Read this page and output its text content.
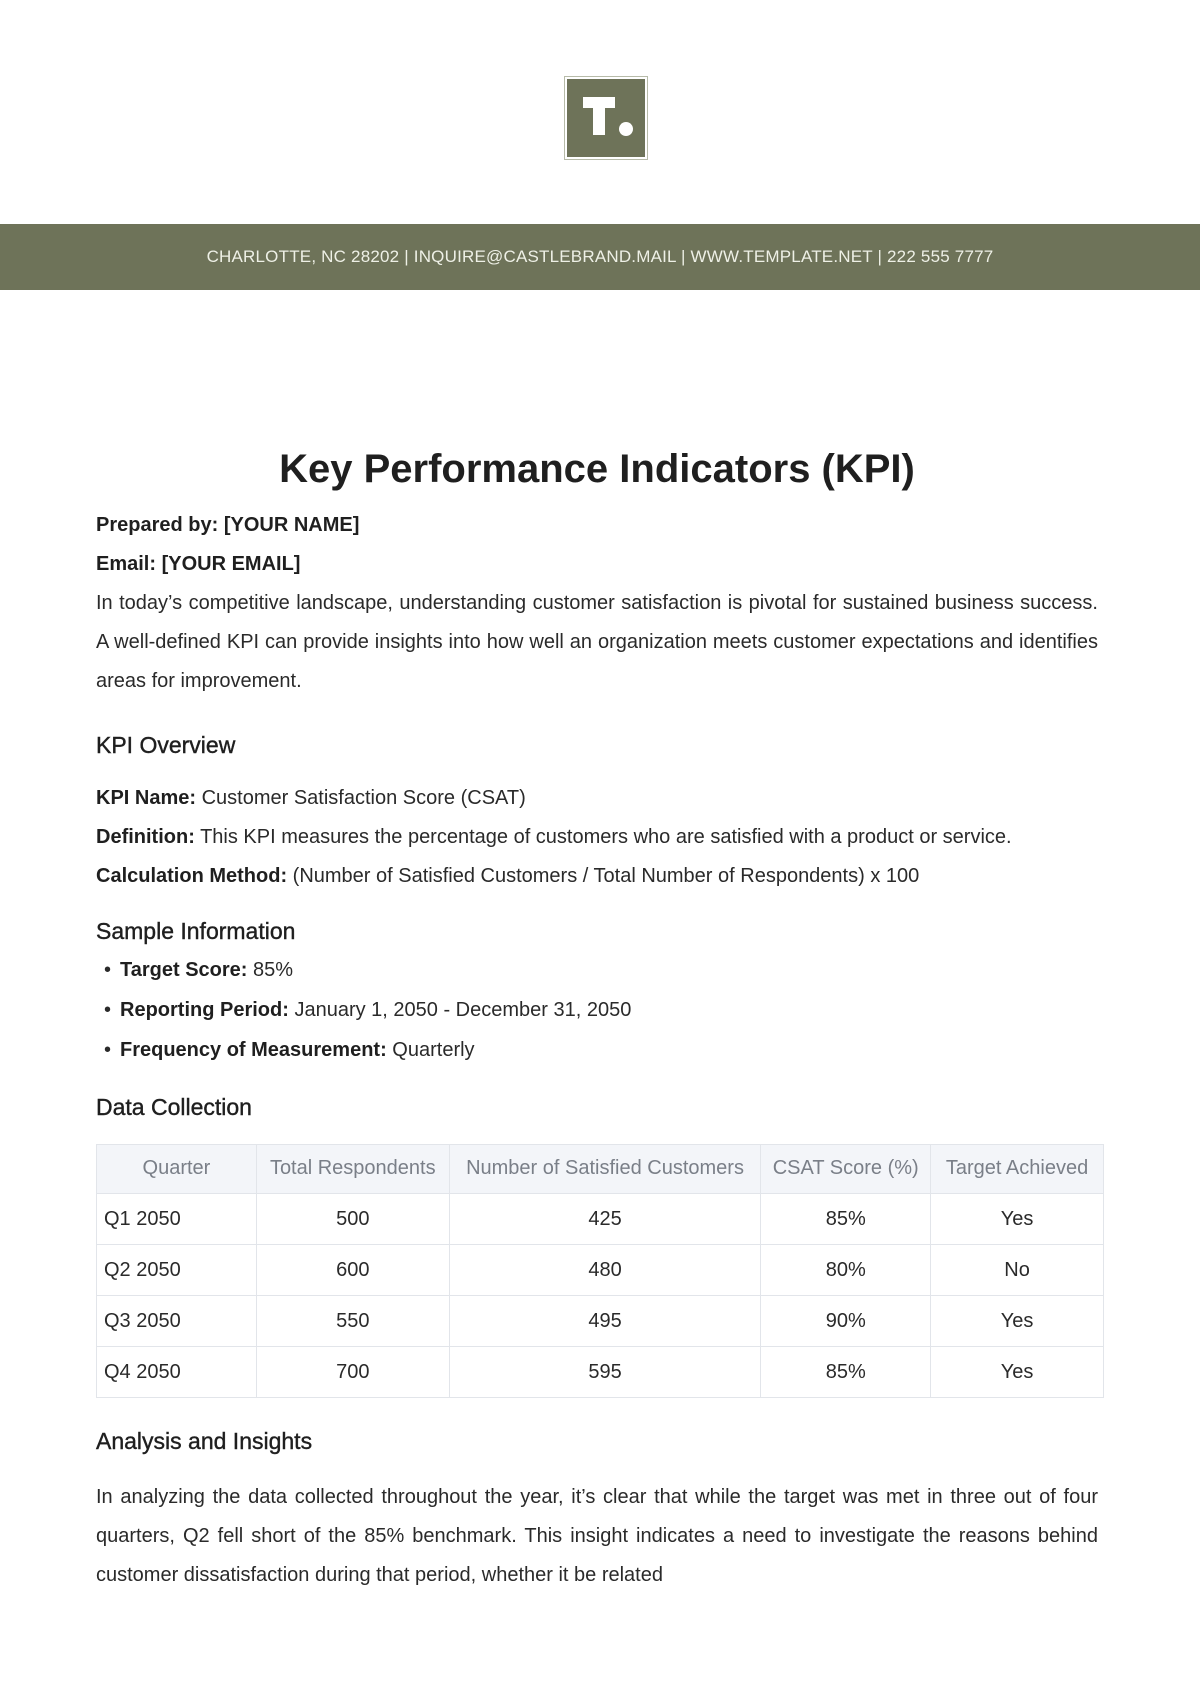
CHARLOTTE, NC 28202 | INQUIRE@CASTLEBRAND.MAIL | WWW.TEMPLATE.NET | 222 555 7777
Key Performance Indicators (KPI)
Prepared by: [YOUR NAME]
Email: [YOUR EMAIL]

In today’s competitive landscape, understanding customer satisfaction is pivotal for sustained business success. A well-defined KPI can provide insights into how well an organization meets customer expectations and identifies areas for improvement.

KPI Overview
KPI Name: Customer Satisfaction Score (CSAT)
Definition: This KPI measures the percentage of customers who are satisfied with a product or service.
Calculation Method: (Number of Satisfied Customers / Total Number of Respondents) x 100
Sample Information
• Target Score: 85%
• Reporting Period: January 1, 2050 - December 31, 2050
• Frequency of Measurement: Quarterly
Data Collection
Quarter	Total Respondents	Number of Satisfied Customers	CSAT Score (%)	Target Achieved
Q1 2050	500	425	85%	Yes
Q2 2050	600	480	80%	No
Q3 2050	550	495	90%	Yes
Q4 2050	700	595	85%	Yes
Analysis and Insights

In analyzing the data collected throughout the year, it’s clear that while the target was met in three out of four quarters, Q2 fell short of the 85% benchmark. This insight indicates a need to investigate the reasons behind customer dissatisfaction during that period, whether it be related
